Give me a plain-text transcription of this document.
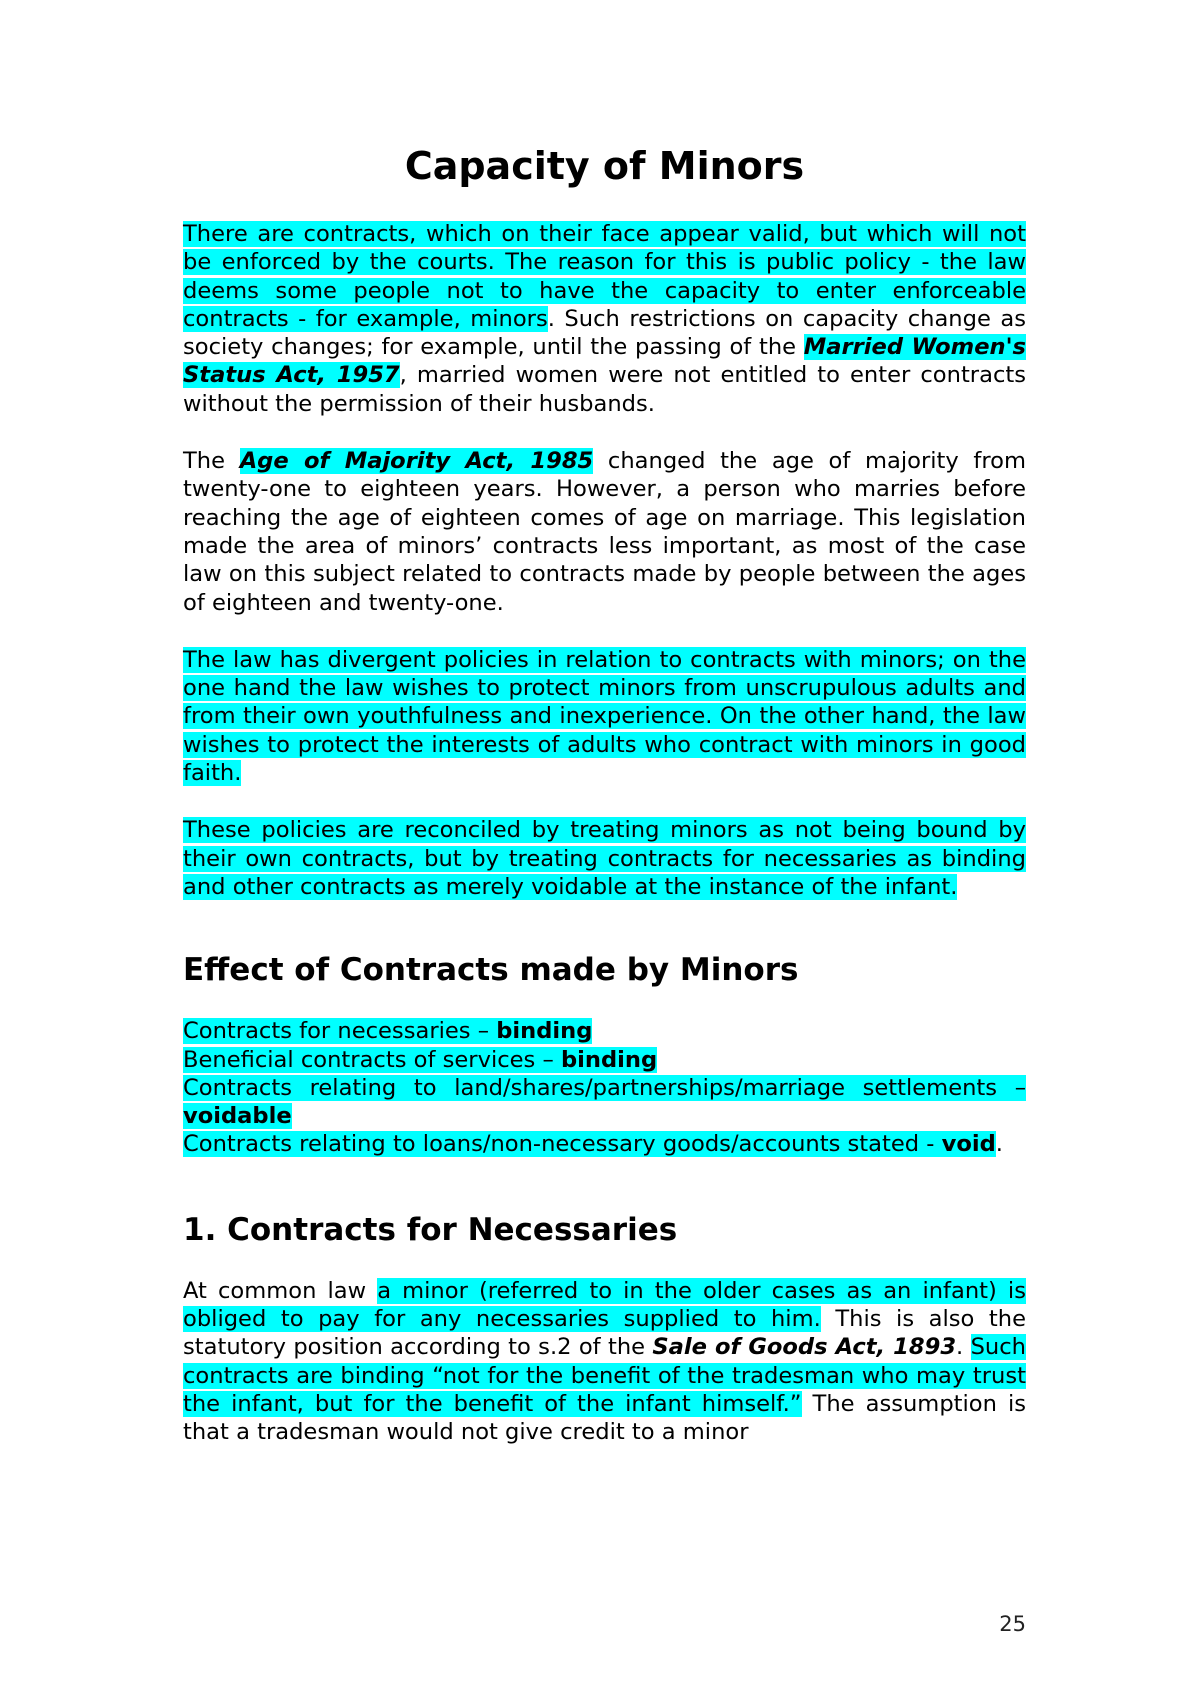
Capacity of Minors

There are contracts, which on their face appear valid, but which will not be enforced by the courts. The reason for this is public policy - the law deems some people not to have the capacity to enter enforceable contracts - for example, minors. Such restrictions on capacity change as society changes; for example, until the passing of the Married Women's Status Act, 1957, married women were not entitled to enter contracts without the permission of their husbands.

The Age of Majority Act, 1985 changed the age of majority from twenty-one to eighteen years. However, a person who marries before reaching the age of eighteen comes of age on marriage. This legislation made the area of minors’ contracts less important, as most of the case law on this subject related to contracts made by people between the ages of eighteen and twenty-one.

The law has divergent policies in relation to contracts with minors; on the one hand the law wishes to protect minors from unscrupulous adults and from their own youthfulness and inexperience. On the other hand, the law wishes to protect the interests of adults who contract with minors in good faith.

These policies are reconciled by treating minors as not being bound by their own contracts, but by treating contracts for necessaries as binding and other contracts as merely voidable at the instance of the infant.

Effect of Contracts made by Minors

Contracts for necessaries – binding

Beneficial contracts of services – binding

Contracts relating to land/shares/partnerships/marriage settlements – voidable

Contracts relating to loans/non-necessary goods/accounts stated - void.

1. Contracts for Necessaries

At common law a minor (referred to in the older cases as an infant) is obliged to pay for any necessaries supplied to him. This is also the statutory position according to s.2 of the Sale of Goods Act, 1893. Such contracts are binding “not for the benefit of the tradesman who may trust the infant, but for the benefit of the infant himself.” The assumption is that a tradesman would not give credit to a minor

25
